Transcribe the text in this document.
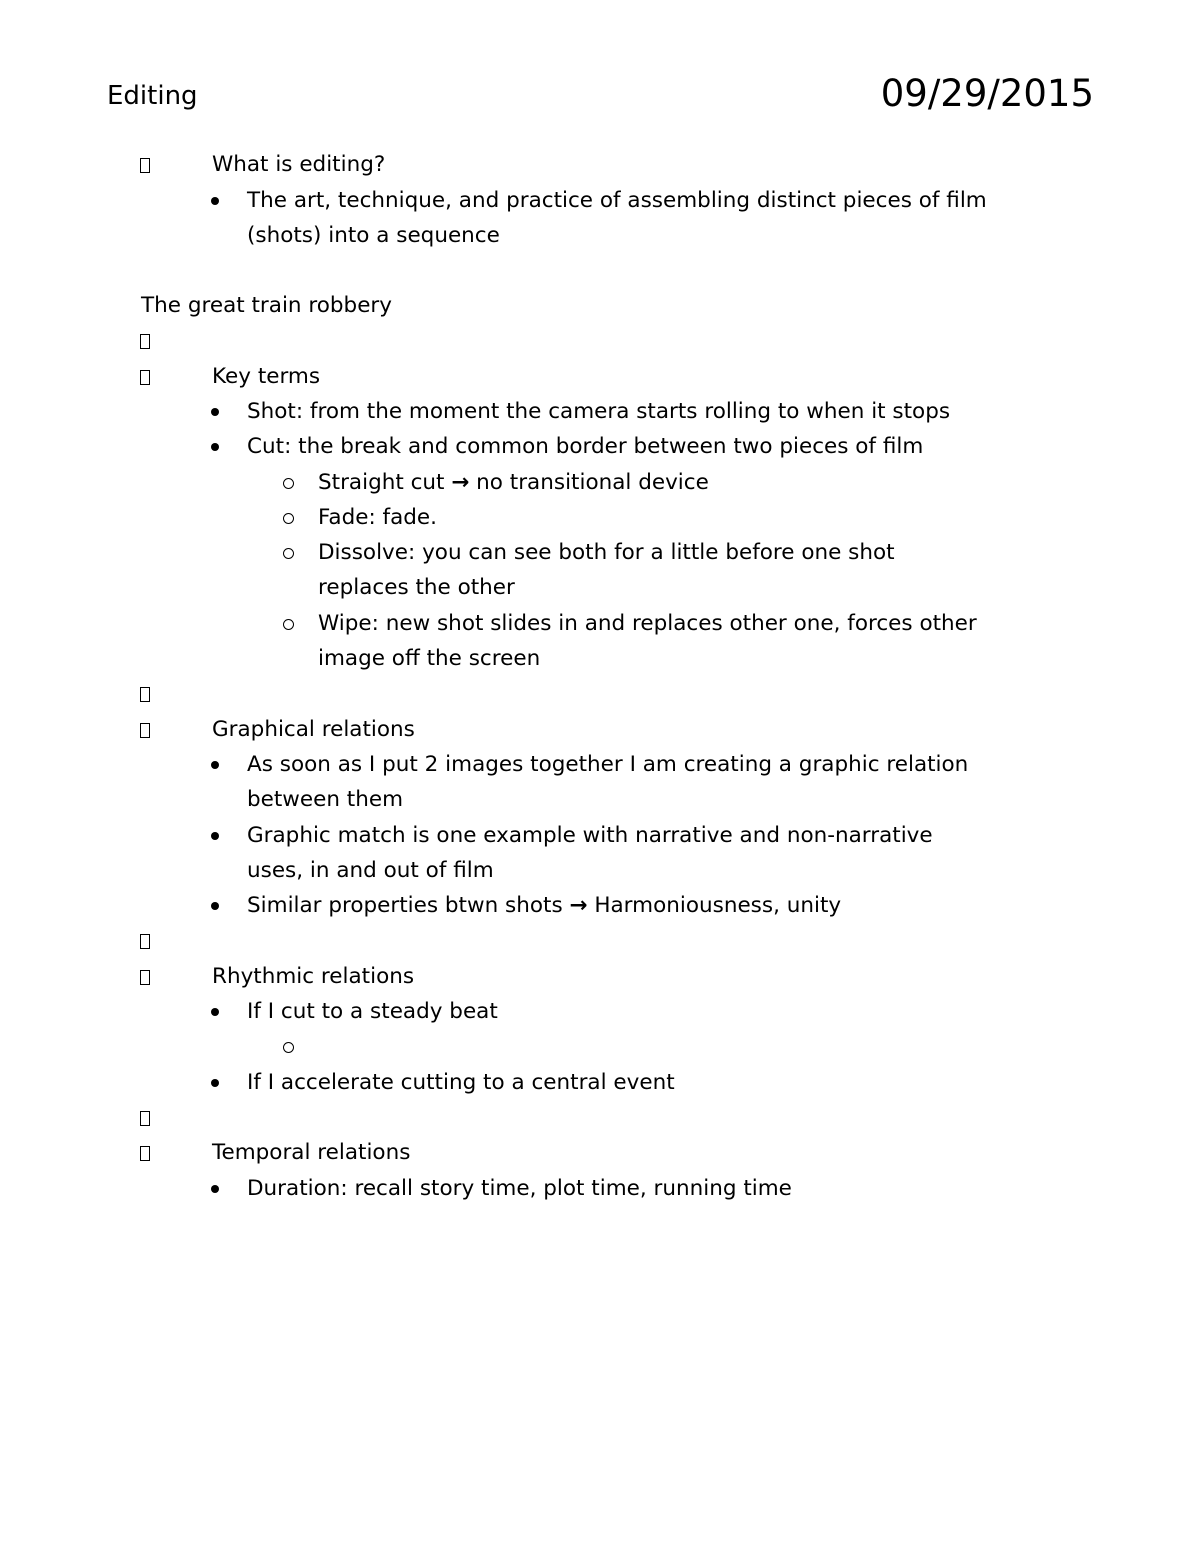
Editing	09/29/2015
What is editing?
The art, technique, and practice of assembling distinct pieces of film
(shots) into a sequence
The great train robbery
Key terms
Shot: from the moment the camera starts rolling to when it stops
Cut: the break and common border between two pieces of film
Straight cut → no transitional device
Fade: fade.
Dissolve: you can see both for a little before one shot
replaces the other
Wipe: new shot slides in and replaces other one, forces other
image off the screen
Graphical relations
As soon as I put 2 images together I am creating a graphic relation
between them
Graphic match is one example with narrative and non-narrative
uses, in and out of film
Similar properties btwn shots → Harmoniousness, unity
Rhythmic relations
If I cut to a steady beat
If I accelerate cutting to a central event
Temporal relations
Duration: recall story time, plot time, running time
